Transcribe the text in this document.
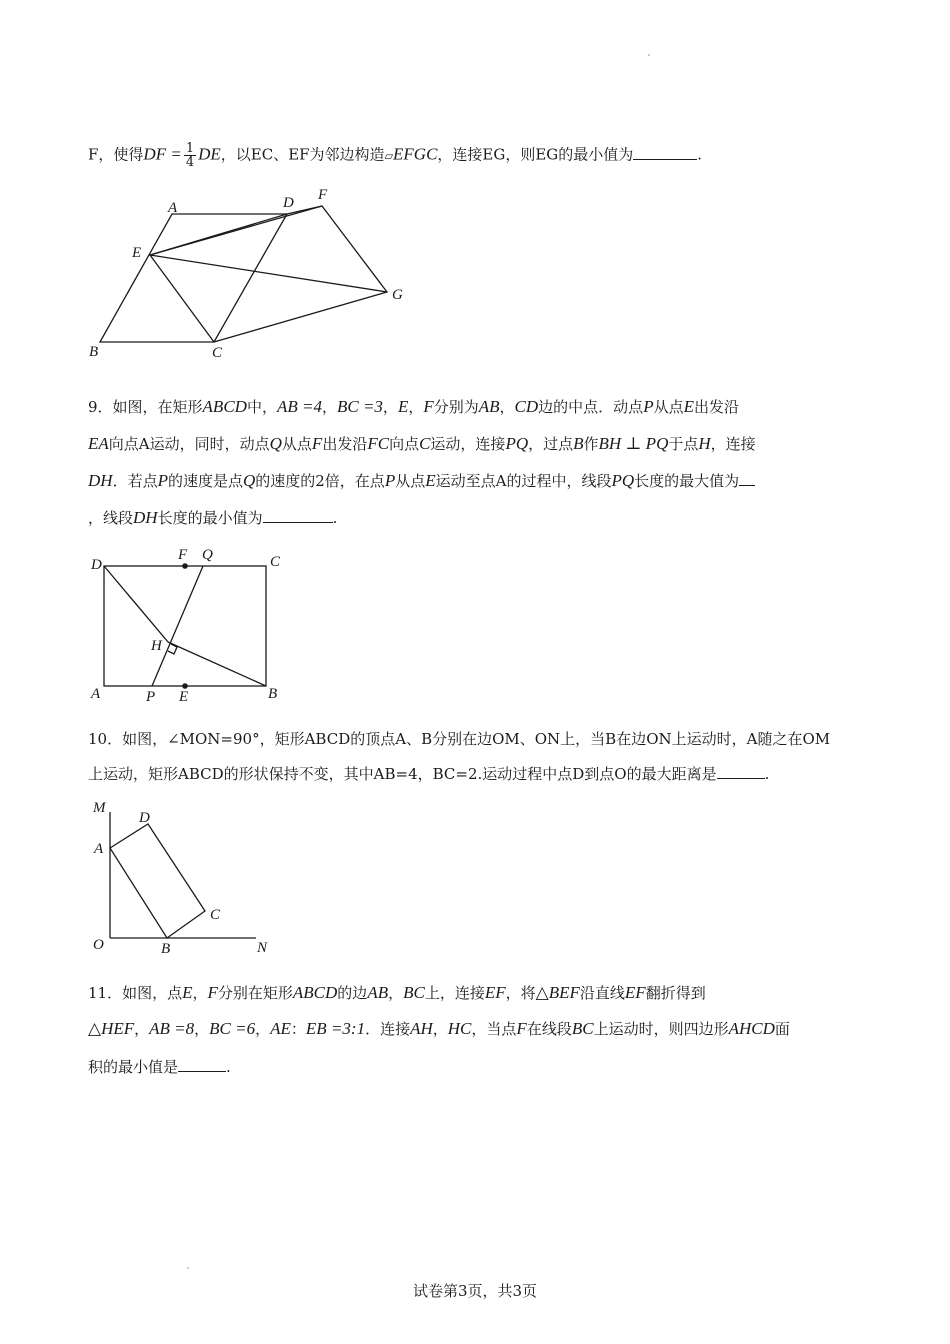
F，使得DF = $\frac{1}{4}$ DE，以EC、EF为邻边构造▱EFGC，连接EG，则EG的最小值为	.
A
B	C
D
E
F
G
9．如图，在矩形ABCD中，AB =4，BC =3，E，F分别为AB，CD边的中点．动点P从点E出发沿
EA向点A运动，同时，动点Q从点F出发沿FC向点C运动，连接PQ，过点B作BH ⊥ PQ于点H，连接
DH．若点P的速度是点Q的速度的2倍，在点P从点E运动至点A的过程中，线段PQ长度的最大值为
，线段DH长度的最小值为	.
D
F Q	C
H
A	P E	B
10．如图，∠MON=90°，矩形ABCD的顶点A、B分别在边OM、ON上，当B在边ON上运动时，A随之在OM
上运动，矩形ABCD的形状保持不变，其中AB=4，BC=2.运动过程中点D到点O的最大距离是	.
M
D
A
C
O	B	N
11．如图，点E，F分别在矩形ABCD的边AB，BC上，连接EF，将△BEF沿直线EF翻折得到
△HEF，AB =8，BC =6，AE：EB =3:1．连接AH，HC，当点F在线段BC上运动时，则四边形AHCD面
积的最小值是	.
试卷第3页，共3页
